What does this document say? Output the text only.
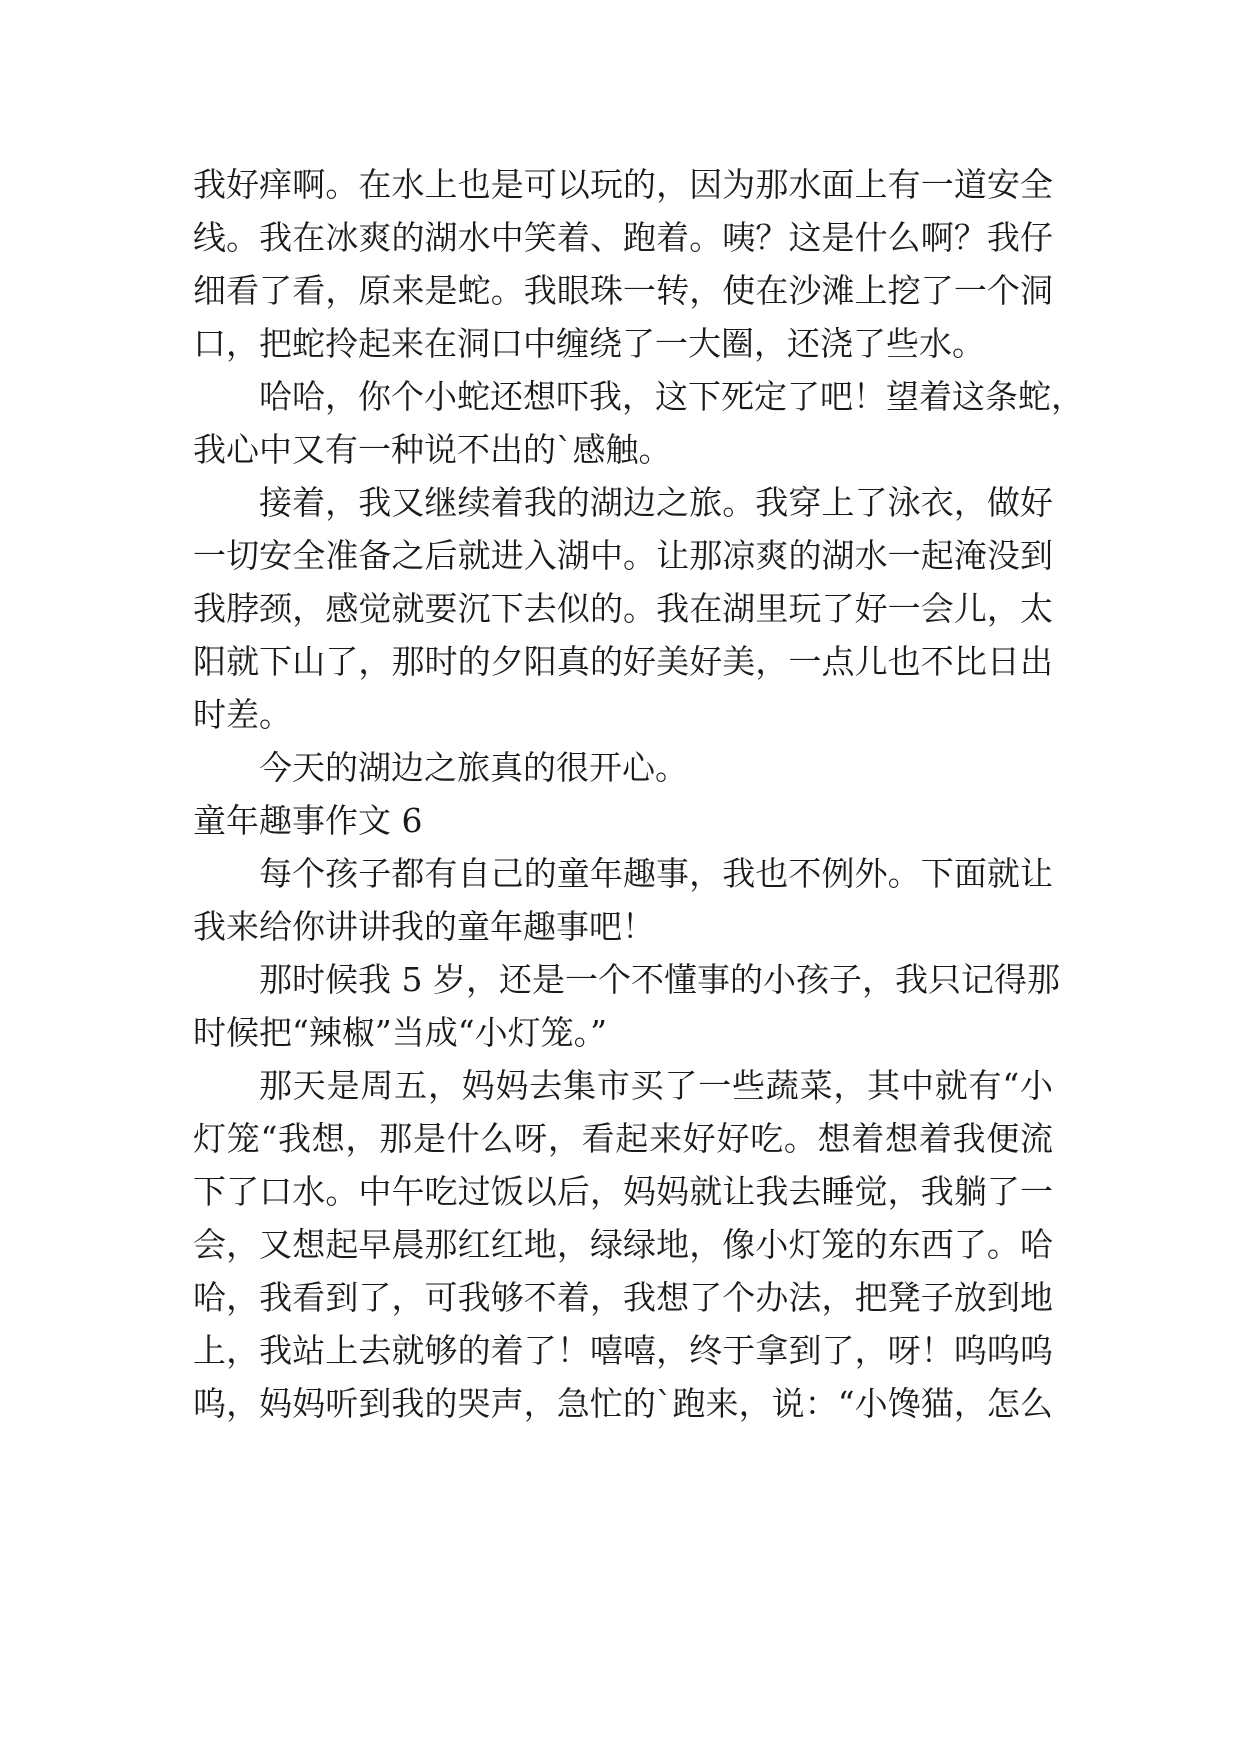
我好痒啊。在水上也是可以玩的，因为那水面上有一道安全
线。我在冰爽的湖水中笑着、跑着。咦？这是什么啊？我仔
细看了看，原来是蛇。我眼珠一转，使在沙滩上挖了一个洞
口，把蛇拎起来在洞口中缠绕了一大圈，还浇了些水。
哈哈，你个小蛇还想吓我，这下死定了吧！望着这条蛇，
我心中又有一种说不出的`感触。
接着，我又继续着我的湖边之旅。我穿上了泳衣，做好
一切安全准备之后就进入湖中。让那凉爽的湖水一起淹没到
我脖颈，感觉就要沉下去似的。我在湖里玩了好一会儿，太
阳就下山了，那时的夕阳真的好美好美，一点儿也不比日出
时差。
今天的湖边之旅真的很开心。
童年趣事作文 6
每个孩子都有自己的童年趣事，我也不例外。下面就让
我来给你讲讲我的童年趣事吧！
那时候我 5 岁，还是一个不懂事的小孩子，我只记得那
时候把“辣椒”当成“小灯笼。”
那天是周五，妈妈去集市买了一些蔬菜，其中就有“小
灯笼“我想，那是什么呀，看起来好好吃。想着想着我便流
下了口水。中午吃过饭以后，妈妈就让我去睡觉，我躺了一
会，又想起早晨那红红地，绿绿地，像小灯笼的东西了。哈
哈，我看到了，可我够不着，我想了个办法，把凳子放到地
上，我站上去就够的着了！嘻嘻，终于拿到了，呀！呜呜呜
呜，妈妈听到我的哭声，急忙的`跑来，说：“小馋猫，怎么
